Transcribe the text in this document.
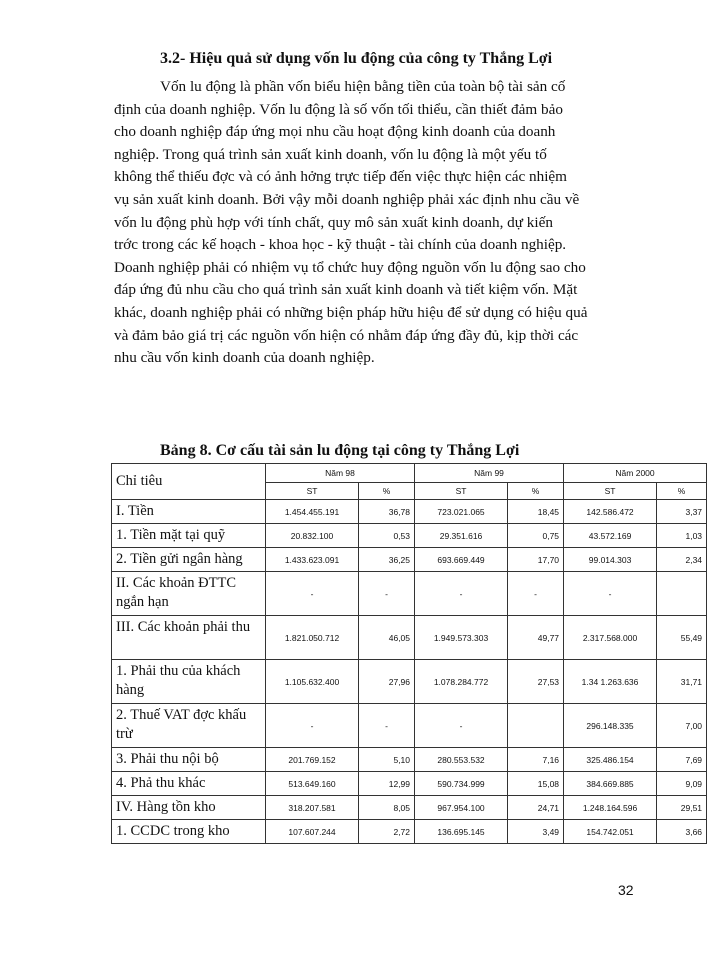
3.2- Hiệu quả sử dụng vốn lu động của công ty Thắng Lợi

Vốn lu động là phần vốn biểu hiện bằng tiền của toàn bộ tài sản cố
định của doanh nghiệp. Vốn lu động là số vốn tối thiểu, cần thiết đảm bảo
cho doanh nghiệp đáp ứng mọi nhu cầu hoạt động kinh doanh của doanh
nghiệp. Trong quá trình sản xuất kinh doanh, vốn lu động là một yếu tố
không thể thiếu đợc và có ảnh hởng trực tiếp đến việc thực hiện các nhiệm
vụ sản xuất kinh doanh. Bởi vậy mỗi doanh nghiệp phải xác định nhu cầu về
vốn lu động phù hợp với tính chất, quy mô sản xuất kinh doanh, dự kiến
trớc trong các kế hoạch - khoa học - kỹ thuật - tài chính của doanh nghiệp.
Doanh nghiệp phải có nhiệm vụ tổ chức huy động nguồn vốn lu động sao cho
đáp ứng đủ nhu cầu cho quá trình sản xuất kinh doanh và tiết kiệm vốn. Mặt
khác, doanh nghiệp phải có những biện pháp hữu hiệu để sử dụng có hiệu quả
và đảm bảo giá trị các nguồn vốn hiện có nhằm đáp ứng đầy đủ, kịp thời các
nhu cầu vốn kinh doanh của doanh nghiệp.

Bảng 8. Cơ cấu tài sản lu động tại công ty Thắng Lợi
Chỉ tiêu	Năm 98		Năm 99		Năm 2000	
	ST	%	ST	%	ST	%
I. Tiền	1.454.455.191	36,78	723.021.065	18,45	142.586.472	3,37
1. Tiền mặt tại quỹ	20.832.100	0,53	29.351.616	0,75	43.572.169	1,03
2. Tiền gửi ngân hàng	1.433.623.091	36,25	693.669.449	17,70	99.014.303	2,34
II. Các khoản ĐTTC ngắn hạn	-	-	-	-	-	
III. Các khoản phải thu	1.821.050.712	46,05	1.949.573.303	49,77	2.317.568.000	55,49
1. Phải thu của khách hàng	1.105.632.400	27,96	1.078.284.772	27,53	1.34 1.263.636	31,71
2. Thuế VAT đợc khấu trừ	-	-	-		296.148.335	7,00
3. Phải thu nội bộ	201.769.152	5,10	280.553.532	7,16	325.486.154	7,69
4. Phả thu khác	513.649.160	12,99	590.734.999	15,08	384.669.885	9,09
IV. Hàng tồn kho	318.207.581	8,05	967.954.100	24,71	1.248.164.596	29,51
1. CCDC trong kho	107.607.244	2,72	136.695.145	3,49	154.742.051	3,66
32
